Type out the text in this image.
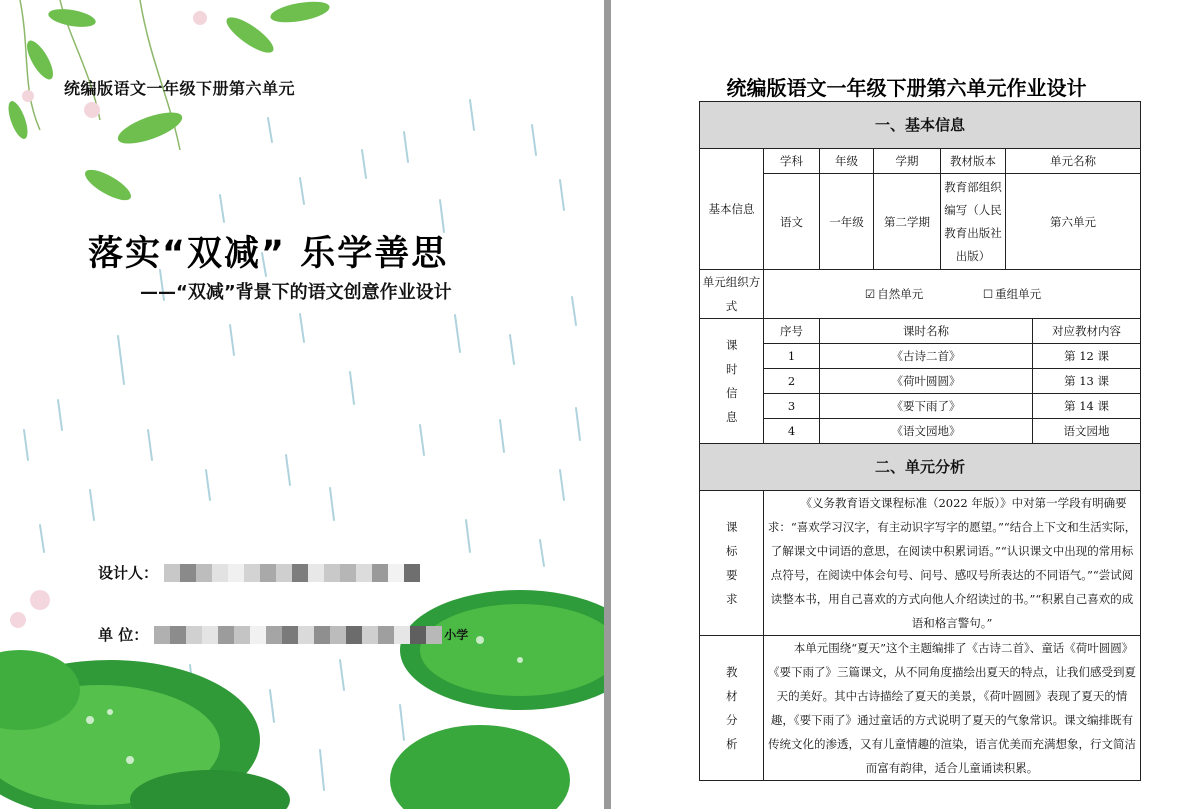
统编版语文一年级下册第六单元
落实“双减” 乐学善思
——“双减”背景下的语文创意作业设计
设计人：
单 位：	小学
统编版语文一年级下册第六单元作业设计
一、基本信息						
基本信息	学科	年级	学期	教材版本	单元名称	
	语文	一年级	第二学期	教育部组织编写（人民教育出版社出版）	第六单元	
单元组织方式	☑ 自然单元 ☐ 重组单元					
课时信息	序号	课时名称				对应教材内容
	1	《古诗二首》				第 12 课
	2	《荷叶圆圆》				第 13 课
	3	《要下雨了》				第 14 课
	4	《语文园地》				语文园地
二、单元分析						
课标要求	《义务教育语文课程标准（2022 年版）》中对第一学段有明确要求：“喜欢学习汉字，有主动识字写字的愿望。”“结合上下文和生活实际，了解课文中词语的意思，在阅读中积累词语。”“认识课文中出现的常用标点符号，在阅读中体会句号、问号、感叹号所表达的不同语气。”“尝试阅读整本书，用自己喜欢的方式向他人介绍读过的书。”“积累自己喜欢的成语和格言警句。”					
教材分析	本单元围绕“夏天”这个主题编排了《古诗二首》、童话《荷叶圆圆》《要下雨了》三篇课文，从不同角度描绘出夏天的特点，让我们感受到夏天的美好。其中古诗描绘了夏天的美景，《荷叶圆圆》表现了夏天的情趣，《要下雨了》通过童话的方式说明了夏天的气象常识。课文编排既有传统文化的渗透，又有儿童情趣的渲染，语言优美而充满想象，行文简洁而富有韵律，适合儿童诵读积累。					
